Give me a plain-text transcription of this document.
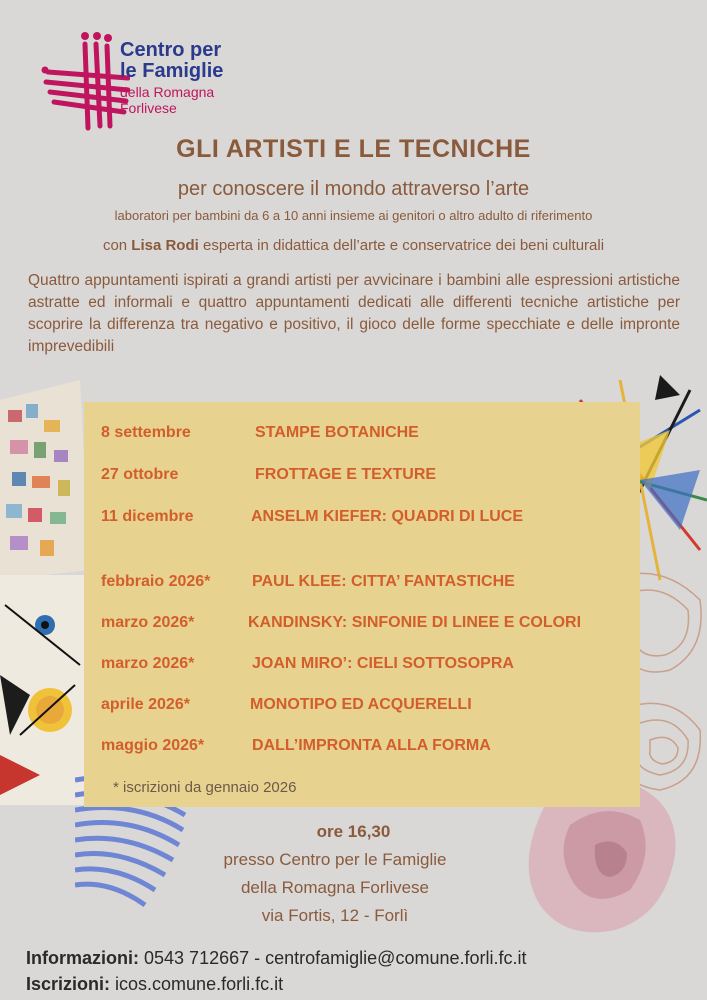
Centro per
le Famiglie
della Romagna
Forlivese
GLI ARTISTI E LE TECNICHE
per conoscere il mondo attraverso l’arte
laboratori per bambini da 6 a 10 anni insieme ai genitori o altro adulto di riferimento
con Lisa Rodi esperta in didattica dell’arte e conservatrice dei beni culturali
Quattro appuntamenti ispirati a grandi artisti per avvicinare i bambini alle espressioni artistiche astratte ed informali e quattro appuntamenti dedicati alle differenti tecniche artistiche per scoprire la differenza tra negativo e positivo, il gioco delle forme specchiate e delle impronte imprevedibili
8 settembre	STAMPE BOTANICHE
27 ottobre	FROTTAGE E TEXTURE
11 dicembre	ANSELM KIEFER: QUADRI DI LUCE
febbraio 2026*	PAUL KLEE: CITTA’ FANTASTICHE
marzo 2026*	KANDINSKY: SINFONIE DI LINEE E COLORI
marzo 2026*	JOAN MIRO’: CIELI SOTTOSOPRA
aprile 2026*	MONOTIPO ED ACQUERELLI
maggio 2026*	DALL’IMPRONTA ALLA FORMA
* iscrizioni da gennaio 2026
ore 16,30
presso Centro per le Famiglie
della Romagna Forlivese
via Fortis, 12 - Forlì
Informazioni: 0543 712667 - centrofamiglie@comune.forli.fc.it
Iscrizioni: icos.comune.forli.fc.it
